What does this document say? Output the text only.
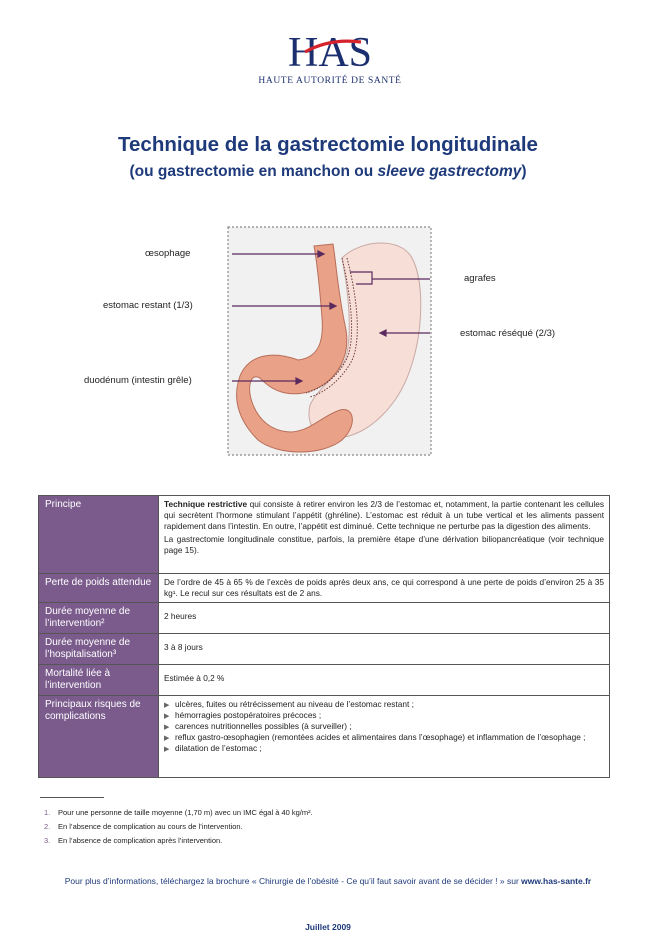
HAS
HAUTE AUTORITÉ DE SANTÉ
Technique de la gastrectomie longitudinale
(ou gastrectomie en manchon ou sleeve gastrectomy)
œsophage
estomac restant (1/3)
duodénum (intestin grêle)
agrafes
estomac réséqué (2/3)
Principe	Technique restrictive qui consiste à retirer environ les 2/3 de l’estomac et, notamment, la partie contenant les cellules qui secrètent l’hormone stimulant l’appétit (ghréline). L’estomac est réduit à un tube vertical et les aliments passent rapidement dans l’intestin. En outre, l’appétit est diminué. Cette technique ne perturbe pas la digestion des aliments.

La gastrectomie longitudinale constitue, parfois, la première étape d’une dérivation biliopancréatique (voir technique page 15).

Perte de poids attendue	De l’ordre de 45 à 65 % de l’excès de poids après deux ans, ce qui correspond à une perte de poids d’environ 25 à 35 kg¹. Le recul sur ces résultats est de 2 ans.
Durée moyenne de l’intervention²	2 heures
Durée moyenne de l’hospitalisation³	3 à 8 jours
Mortalité liée à l’intervention	Estimée à 0,2 %
Principaux risques de complications	▶ ulcères, fuites ou rétrécissement au niveau de l’estomac restant ;
▶ hémorragies postopératoires précoces ;
▶ carences nutritionnelles possibles (à surveiller) ;
▶ reflux gastro-œsophagien (remontées acides et alimentaires dans l’œsophage) et inflammation de l’œsophage ;
▶ dilatation de l’estomac ;
1. Pour une personne de taille moyenne (1,70 m) avec un IMC égal à 40 kg/m².
2. En l’absence de complication au cours de l’intervention.
3. En l’absence de complication après l’intervention.
Pour plus d’informations, téléchargez la brochure « Chirurgie de l’obésité - Ce qu’il faut savoir avant de se décider ! » sur www.has-sante.fr
Juillet 2009
